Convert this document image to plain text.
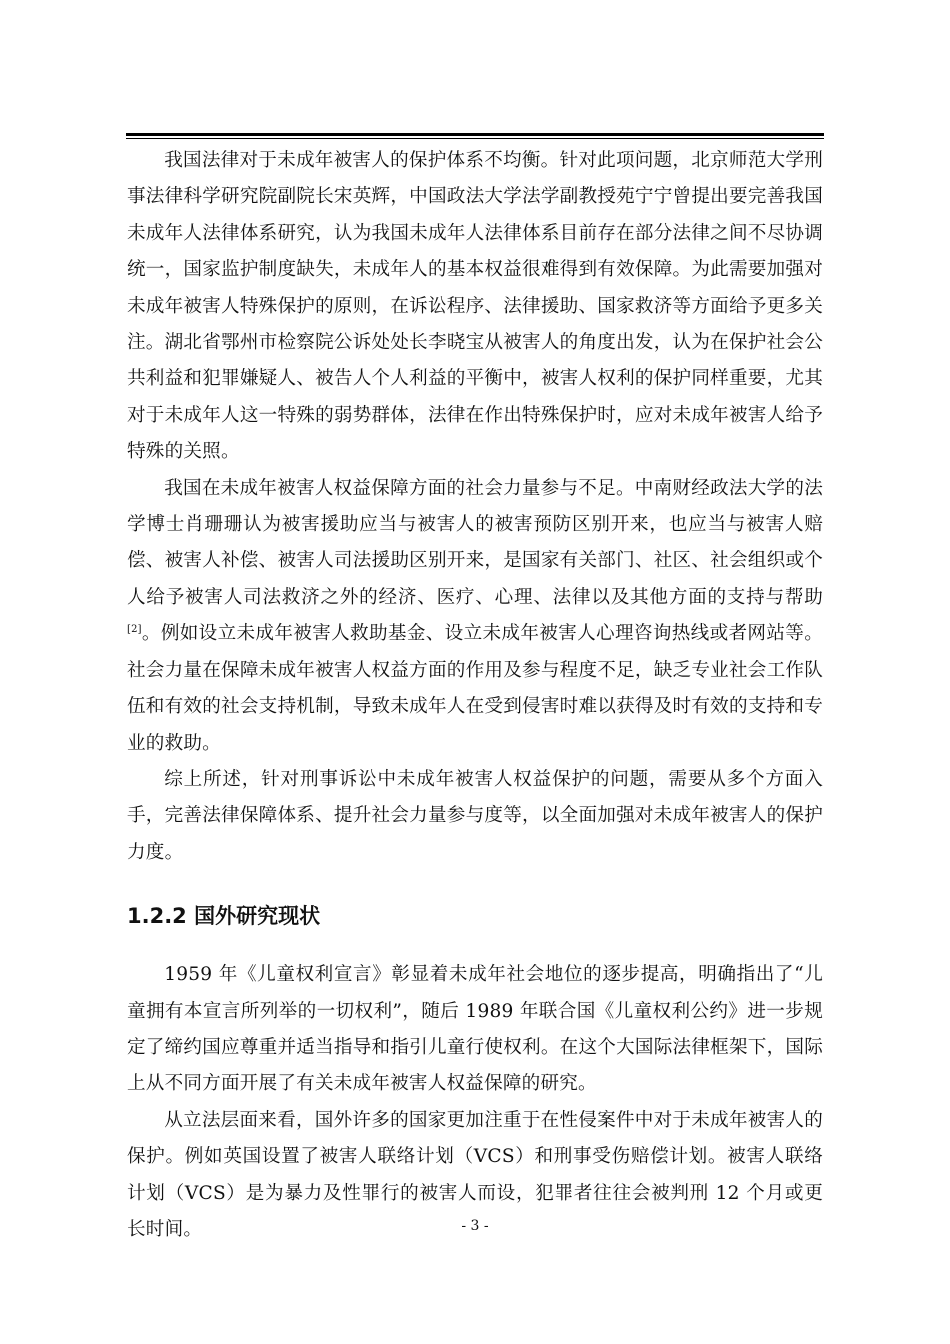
我国法律对于未成年被害人的保护体系不均衡。针对此项问题，北京师范大学刑事法律科学研究院副院长宋英辉，中国政法大学法学副教授苑宁宁曾提出要完善我国未成年人法律体系研究，认为我国未成年人法律体系目前存在部分法律之间不尽协调统一，国家监护制度缺失，未成年人的基本权益很难得到有效保障。为此需要加强对未成年被害人特殊保护的原则，在诉讼程序、法律援助、国家救济等方面给予更多关注。湖北省鄂州市检察院公诉处处长李晓宝从被害人的角度出发，认为在保护社会公共利益和犯罪嫌疑人、被告人个人利益的平衡中，被害人权利的保护同样重要，尤其对于未成年人这一特殊的弱势群体，法律在作出特殊保护时，应对未成年被害人给予特殊的关照。

我国在未成年被害人权益保障方面的社会力量参与不足。中南财经政法大学的法学博士肖珊珊认为被害援助应当与被害人的被害预防区别开来，也应当与被害人赔偿、被害人补偿、被害人司法援助区别开来，是国家有关部门、社区、社会组织或个人给予被害人司法救济之外的经济、医疗、心理、法律以及其他方面的支持与帮助[2]。例如设立未成年被害人救助基金、设立未成年被害人心理咨询热线或者网站等。社会力量在保障未成年被害人权益方面的作用及参与程度不足，缺乏专业社会工作队伍和有效的社会支持机制，导致未成年人在受到侵害时难以获得及时有效的支持和专业的救助。

综上所述，针对刑事诉讼中未成年被害人权益保护的问题，需要从多个方面入手，完善法律保障体系、提升社会力量参与度等，以全面加强对未成年被害人的保护力度。

1.2.2 国外研究现状

1959 年《儿童权利宣言》彰显着未成年社会地位的逐步提高，明确指出了“儿童拥有本宣言所列举的一切权利”，随后 1989 年联合国《儿童权利公约》进一步规定了缔约国应尊重并适当指导和指引儿童行使权利。在这个大国际法律框架下，国际上从不同方面开展了有关未成年被害人权益保障的研究。

从立法层面来看，国外许多的国家更加注重于在性侵案件中对于未成年被害人的保护。例如英国设置了被害人联络计划（VCS）和刑事受伤赔偿计划。被害人联络计划（VCS）是为暴力及性罪行的被害人而设，犯罪者往往会被判刑 12 个月或更长时间。	- 3 -
